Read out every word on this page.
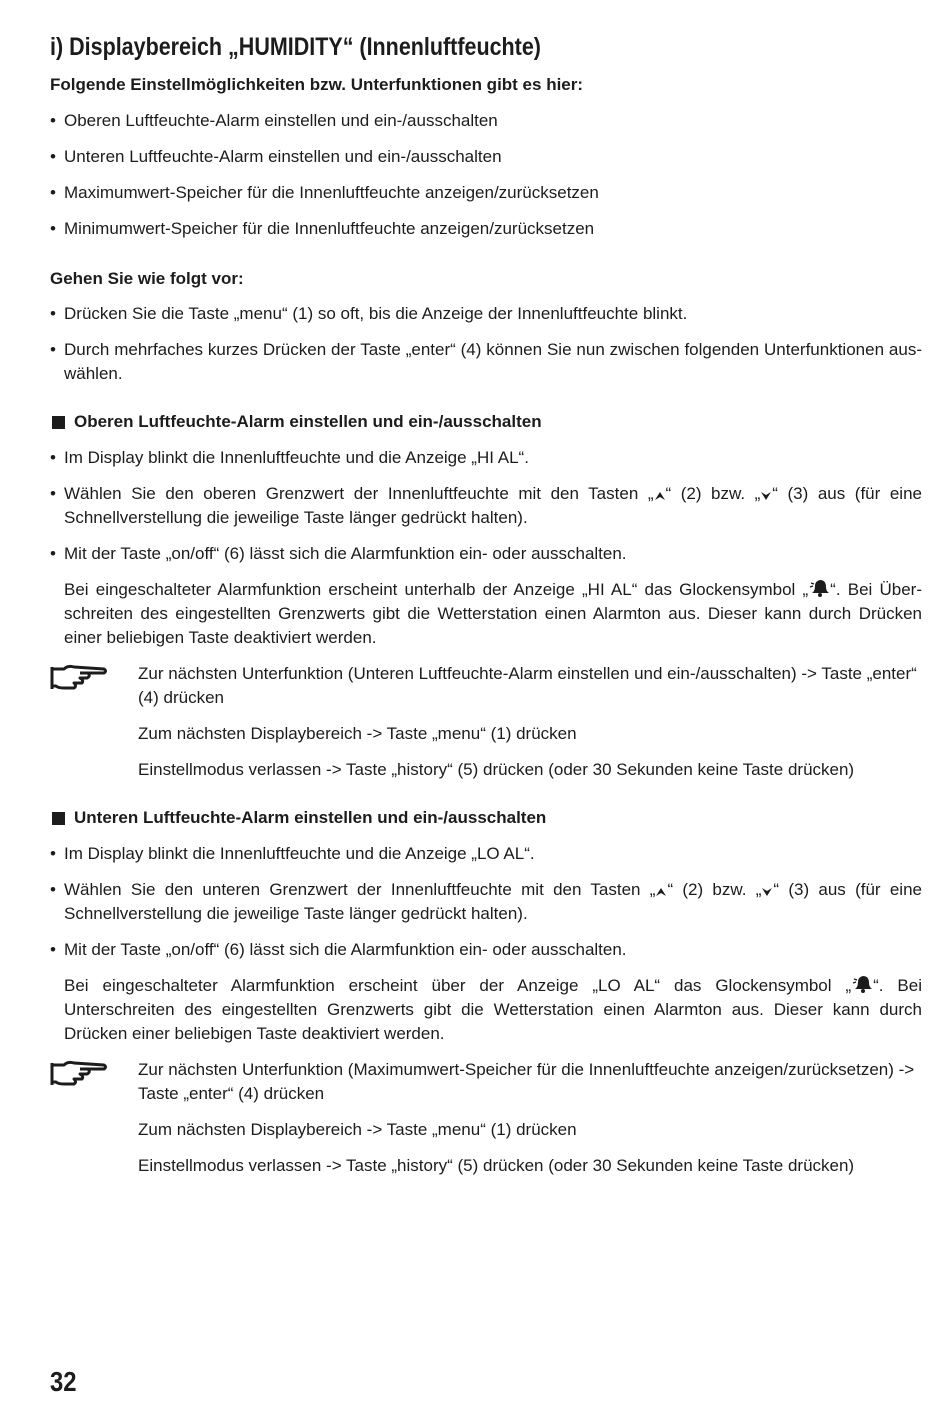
i) Displaybereich „HUMIDITY“ (Innenluftfeuchte)
Folgende Einstellmöglichkeiten bzw. Unterfunktionen gibt es hier:
• Oberen Luftfeuchte-Alarm einstellen und ein-/ausschalten
• Unteren Luftfeuchte-Alarm einstellen und ein-/ausschalten
• Maximumwert-Speicher für die Innenluftfeuchte anzeigen/zurücksetzen
• Minimumwert-Speicher für die Innenluftfeuchte anzeigen/zurücksetzen
Gehen Sie wie folgt vor:
• Drücken Sie die Taste „menu“ (1) so oft, bis die Anzeige der Innenluftfeuchte blinkt.
• Durch mehrfaches kurzes Drücken der Taste „enter“ (4) können Sie nun zwischen folgenden Unterfunktionen auswählen.
Oberen Luftfeuchte-Alarm einstellen und ein-/ausschalten
• Im Display blinkt die Innenluftfeuchte und die Anzeige „HI AL“.
• Wählen Sie den oberen Grenzwert der Innenluftfeuchte mit den Tasten „ “ (2) bzw. „ “ (3) aus (für eine Schnellverstellung die jeweilige Taste länger gedrückt halten).
• Mit der Taste „on/off“ (6) lässt sich die Alarmfunktion ein- oder ausschalten.
Bei eingeschalteter Alarmfunktion erscheint unterhalb der Anzeige „HI AL“ das Glockensymbol „ “. Bei Überschreiten des eingestellten Grenzwerts gibt die Wetterstation einen Alarmton aus. Dieser kann durch Drücken einer beliebigen Taste deaktiviert werden.

Zur nächsten Unterfunktion (Unteren Luftfeuchte-Alarm einstellen und ein-/ausschalten) -> Taste „enter“ (4) drücken

Zum nächsten Displaybereich -> Taste „menu“ (1) drücken

Einstellmodus verlassen -> Taste „history“ (5) drücken (oder 30 Sekunden keine Taste drücken)

Unteren Luftfeuchte-Alarm einstellen und ein-/ausschalten
• Im Display blinkt die Innenluftfeuchte und die Anzeige „LO AL“.
• Wählen Sie den unteren Grenzwert der Innenluftfeuchte mit den Tasten „ “ (2) bzw. „ “ (3) aus (für eine Schnellverstellung die jeweilige Taste länger gedrückt halten).
• Mit der Taste „on/off“ (6) lässt sich die Alarmfunktion ein- oder ausschalten.
Bei eingeschalteter Alarmfunktion erscheint über der Anzeige „LO AL“ das Glockensymbol „ “. Bei Unterschreiten des eingestellten Grenzwerts gibt die Wetterstation einen Alarmton aus. Dieser kann durch Drücken einer beliebigen Taste deaktiviert werden.

Zur nächsten Unterfunktion (Maximumwert-Speicher für die Innenluftfeuchte anzeigen/zurücksetzen) -> Taste „enter“ (4) drücken

Zum nächsten Displaybereich -> Taste „menu“ (1) drücken

Einstellmodus verlassen -> Taste „history“ (5) drücken (oder 30 Sekunden keine Taste drücken)

32
